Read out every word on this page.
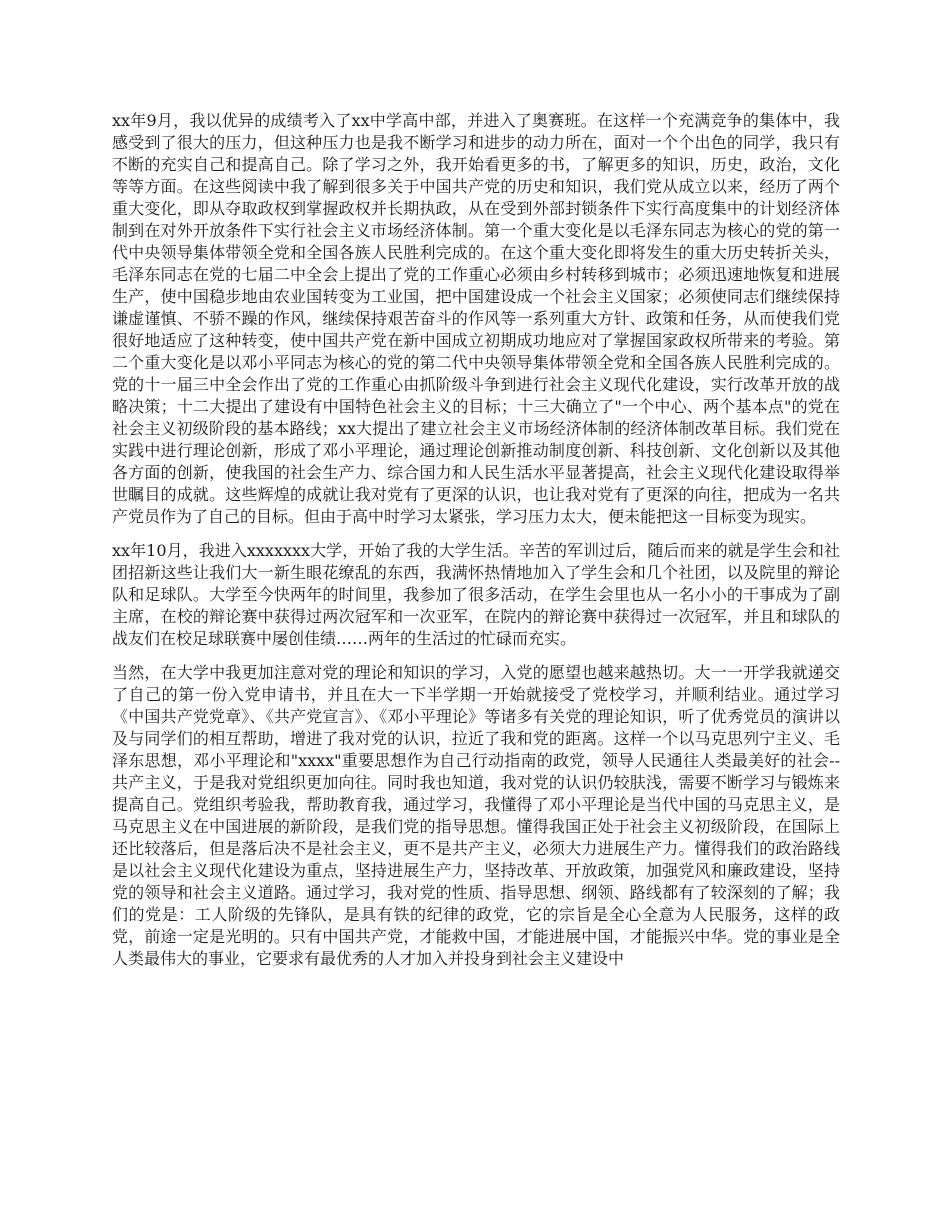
xx年9月，我以优异的成绩考入了xx中学高中部，并进入了奥赛班。在这样一个充满竞争的集体中，我感受到了很大的压力，但这种压力也是我不断学习和进步的动力所在，面对一个个出色的同学，我只有不断的充实自己和提高自己。除了学习之外，我开始看更多的书，了解更多的知识，历史，政治，文化等等方面。在这些阅读中我了解到很多关于中国共产党的历史和知识，我们党从成立以来，经历了两个重大变化，即从夺取政权到掌握政权并长期执政，从在受到外部封锁条件下实行高度集中的计划经济体制到在对外开放条件下实行社会主义市场经济体制。第一个重大变化是以毛泽东同志为核心的党的第一代中央领导集体带领全党和全国各族人民胜利完成的。在这个重大变化即将发生的重大历史转折关头，毛泽东同志在党的七届二中全会上提出了党的工作重心必须由乡村转移到城市；必须迅速地恢复和进展生产，使中国稳步地由农业国转变为工业国，把中国建设成一个社会主义国家；必须使同志们继续保持谦虚谨慎、不骄不躁的作风，继续保持艰苦奋斗的作风等一系列重大方针、政策和任务，从而使我们党很好地适应了这种转变，使中国共产党在新中国成立初期成功地应对了掌握国家政权所带来的考验。第二个重大变化是以邓小平同志为核心的党的第二代中央领导集体带领全党和全国各族人民胜利完成的。党的十一届三中全会作出了党的工作重心由抓阶级斗争到进行社会主义现代化建设，实行改革开放的战略决策；十二大提出了建设有中国特色社会主义的目标；十三大确立了"一个中心、两个基本点"的党在社会主义初级阶段的基本路线；xx大提出了建立社会主义市场经济体制的经济体制改革目标。我们党在实践中进行理论创新，形成了邓小平理论，通过理论创新推动制度创新、科技创新、文化创新以及其他各方面的创新，使我国的社会生产力、综合国力和人民生活水平显著提高，社会主义现代化建设取得举世瞩目的成就。这些辉煌的成就让我对党有了更深的认识，也让我对党有了更深的向往，把成为一名共产党员作为了自己的目标。但由于高中时学习太紧张，学习压力太大，便未能把这一目标变为现实。

xx年10月，我进入xxxxxxx大学，开始了我的大学生活。辛苦的军训过后，随后而来的就是学生会和社团招新这些让我们大一新生眼花缭乱的东西，我满怀热情地加入了学生会和几个社团，以及院里的辩论队和足球队。大学至今快两年的时间里，我参加了很多活动，在学生会里也从一名小小的干事成为了副主席，在校的辩论赛中获得过两次冠军和一次亚军，在院内的辩论赛中获得过一次冠军，并且和球队的战友们在校足球联赛中屡创佳绩……两年的生活过的忙碌而充实。

当然，在大学中我更加注意对党的理论和知识的学习，入党的愿望也越来越热切。大一一开学我就递交了自己的第一份入党申请书，并且在大一下半学期一开始就接受了党校学习，并顺利结业。通过学习《中国共产党党章》、《共产党宣言》、《邓小平理论》等诸多有关党的理论知识，听了优秀党员的演讲以及与同学们的相互帮助，增进了我对党的认识，拉近了我和党的距离。这样一个以马克思列宁主义、毛泽东思想，邓小平理论和"xxxx"重要思想作为自己行动指南的政党，领导人民通往人类最美好的社会--共产主义，于是我对党组织更加向往。同时我也知道，我对党的认识仍较肤浅，需要不断学习与锻炼来提高自己。党组织考验我，帮助教育我，通过学习，我懂得了邓小平理论是当代中国的马克思主义，是马克思主义在中国进展的新阶段，是我们党的指导思想。懂得我国正处于社会主义初级阶段，在国际上还比较落后，但是落后决不是社会主义，更不是共产主义，必须大力进展生产力。懂得我们的政治路线是以社会主义现代化建设为重点，坚持进展生产力，坚持改革、开放政策，加强党风和廉政建设，坚持党的领导和社会主义道路。通过学习，我对党的性质、指导思想、纲领、路线都有了较深刻的了解；我们的党是：工人阶级的先锋队，是具有铁的纪律的政党，它的宗旨是全心全意为人民服务，这样的政党，前途一定是光明的。只有中国共产党，才能救中国，才能进展中国，才能振兴中华。党的事业是全人类最伟大的事业，它要求有最优秀的人才加入并投身到社会主义建设中
